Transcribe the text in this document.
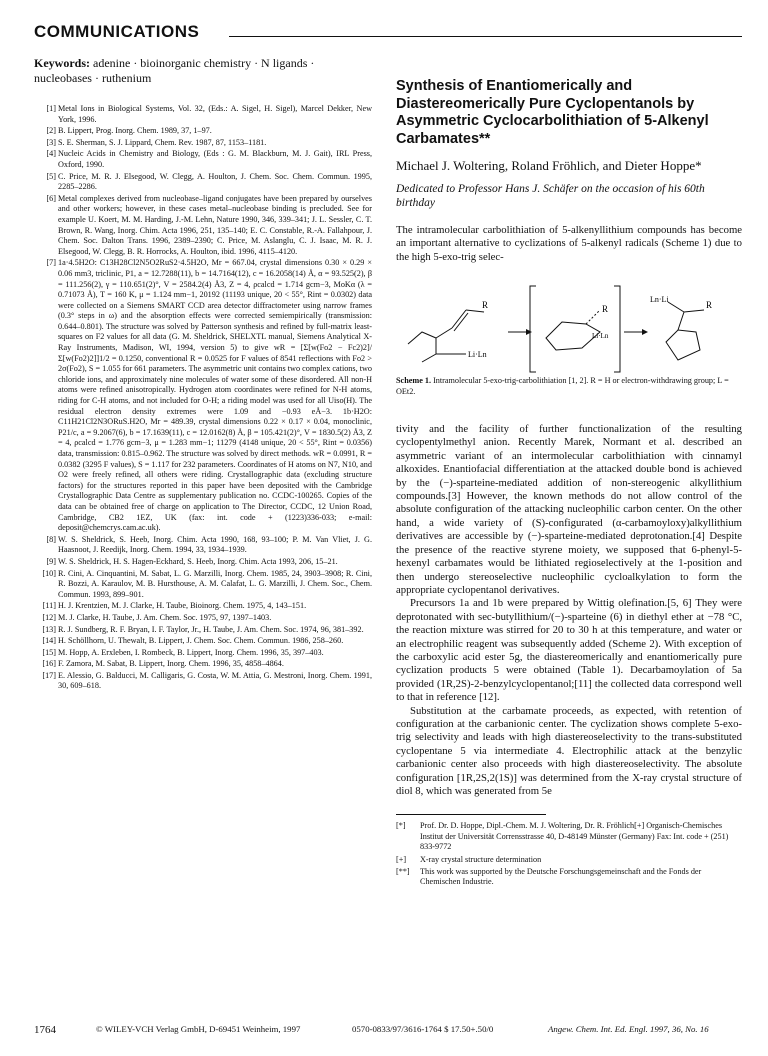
COMMUNICATIONS

Keywords: adenine · bioinorganic chemistry · N ligands · nucleobases · ruthenium

[1] Metal Ions in Biological Systems, Vol. 32, (Eds.: A. Sigel, H. Sigel), Marcel Dekker, New York, 1996.
[2] B. Lippert, Prog. Inorg. Chem. 1989, 37, 1–97.
[3] S. E. Sherman, S. J. Lippard, Chem. Rev. 1987, 87, 1153–1181.
[4] Nucleic Acids in Chemistry and Biology, (Eds : G. M. Blackburn, M. J. Gait), IRL Press, Oxford, 1990.
[5] C. Price, M. R. J. Elsegood, W. Clegg, A. Houlton, J. Chem. Soc. Chem. Commun. 1995, 2285–2286.
[6] Metal complexes derived from nucleobase–ligand conjugates have been prepared by ourselves and other workers; however, in these cases metal–nucleobase binding is precluded. See for example U. Koert, M. M. Harding, J.-M. Lehn, Nature 1990, 346, 339–341; J. L. Sessler, C. T. Brown, R. Wang, Inorg. Chim. Acta 1996, 251, 135–140; E. C. Constable, R.-A. Fallahpour, J. Chem. Soc. Dalton Trans. 1996, 2389–2390; C. Price, M. Aslanglu, C. J. Isaac, M. R. J. Elsegood, W. Clegg, B. R. Horrocks, A. Houlton, ibid. 1996, 4115–4120.
[7] 1a·4.5H2O: C13H28Cl2N5O2RuS2·4.5H2O, Mr = 667.04, crystal dimensions 0.30 × 0.29 × 0.06 mm3, triclinic, P1, a = 12.7288(11), b = 14.7164(12), c = 16.2058(14) Å, α = 93.525(2), β = 111.256(2), γ = 110.651(2)°, V = 2584.2(4) Å3, Z = 4, ρcalcd = 1.714 gcm−3, MoKα (λ = 0.71073 Å), T = 160 K, μ = 1.124 mm−1, 20192 (11193 unique, 20 < 55°, Rint = 0.0302) data were collected on a Siemens SMART CCD area detector diffractometer using narrow frames (0.3° steps in ω) and the absorption effects were corrected semiempirically (transmission: 0.644–0.801). The structure was solved by Patterson synthesis and refined by full-matrix least-squares on F2 values for all data (G. M. Sheldrick, SHELXTL manual, Siemens Analytical X-Ray Instruments, Madison, WI, 1994, version 5) to give wR = [Σ[w(Fo2 − Fc2)2]/Σ[w(Fo2)2]]1/2 = 0.1250, conventional R = 0.0525 for F values of 8541 reflections with Fo2 > 2σ(Fo2), S = 1.055 for 661 parameters. The asymmetric unit contains two complex cations, two chloride ions, and approximately nine molecules of water some of these disordered. All non-H atoms were refined anisotropically. Hydrogen atom coordinates were refined for N-H atoms, riding for C-H atoms, and not included for O-H; a riding model was used for all Uiso(H). The residual electron density extremes were 1.09 and −0.93 eÅ−3. 1b·H2O: C11H21Cl2N3ORuS.H2O, Mr = 489.39, crystal dimensions 0.22 × 0.17 × 0.04, monoclinic, P21/c, a = 9.2067(6), b = 17.1639(11), c = 12.0162(8) Å, β = 105.421(2)°, V = 1830.5(2) Å3, Z = 4, ρcalcd = 1.776 gcm−3, μ = 1.283 mm−1; 11279 (4148 unique, 20 < 55°, Rint = 0.0356) data, transmission: 0.815–0.962. The structure was solved by direct methods. wR = 0.0991, R = 0.0382 (3295 F values), S = 1.117 for 232 parameters. Coordinates of H atoms on N7, N10, and O2 were freely refined, all others were riding. Crystallographic data (excluding structure factors) for the structures reported in this paper have been deposited with the Cambridge Crystallographic Data Centre as supplementary publication no. CCDC-100265. Copies of the data can be obtained free of charge on application to The Director, CCDC, 12 Union Road, Cambridge, CB2 1EZ, UK (fax: int. code + (1223)336-033; e-mail: deposit@chemcrys.cam.ac.uk).
[8] W. S. Sheldrick, S. Heeb, Inorg. Chim. Acta 1990, 168, 93–100; P. M. Van Vliet, J. G. Haasnoot, J. Reedijk, Inorg. Chem. 1994, 33, 1934–1939.
[9] W. S. Sheldrick, H. S. Hagen-Eckhard, S. Heeb, Inorg. Chim. Acta 1993, 206, 15–21.
[10] R. Cini, A. Cinquantini, M. Sabat, L. G. Marzilli, Inorg. Chem. 1985, 24, 3903–3908; R. Cini, R. Bozzi, A. Karaulov, M. B. Hursthouse, A. M. Calafat, L. G. Marzilli, J. Chem. Soc., Chem. Commun. 1993, 899–901.
[11] H. J. Krentzien, M. J. Clarke, H. Taube, Bioinorg. Chem. 1975, 4, 143–151.
[12] M. J. Clarke, H. Taube, J. Am. Chem. Soc. 1975, 97, 1397–1403.
[13] R. J. Sundberg, R. F. Bryan, I. F. Taylor, Jr., H. Taube, J. Am. Chem. Soc. 1974, 96, 381–392.
[14] H. Schöllhorn, U. Thewalt, B. Lippert, J. Chem. Soc. Chem. Commun. 1986, 258–260.
[15] M. Hopp, A. Erxleben, I. Rombeck, B. Lippert, Inorg. Chem. 1996, 35, 397–403.
[16] F. Zamora, M. Sabat, B. Lippert, Inorg. Chem. 1996, 35, 4858–4864.
[17] E. Alessio, G. Balducci, M. Calligaris, G. Costa, W. M. Attia, G. Mestroni, Inorg. Chem. 1991, 30, 609–618.
Synthesis of Enantiomerically and Diastereomerically Pure Cyclopentanols by Asymmetric Cyclocarbolithiation of 5-Alkenyl Carbamates**
Michael J. Woltering, Roland Fröhlich, and Dieter Hoppe*
Dedicated to Professor Hans J. Schäfer on the occasion of his 60th birthday

The intramolecular carbolithiation of 5-alkenyllithium compounds has become an important alternative to cyclizations of 5-alkenyl radicals (Scheme 1) due to the high 5-exo-trig selec-

R
Li·Ln
R
Li·Ln
Ln·Li
R

Scheme 1. Intramolecular 5-exo-trig-carbolithiation [1, 2]. R = H or electron-withdrawing group; L = OEt2.

tivity and the facility of further functionalization of the resulting cyclopentylmethyl anion. Recently Marek, Normant et al. described an asymmetric variant of an intermolecular carbolithiation with cinnamyl alkoxides. Enantiofacial differentiation at the attacked double bond is achieved by the (−)-sparteine-mediated addition of non-stereogenic alkyllithium compounds.[3] However, the known methods do not allow control of the absolute configuration of the attacking nucleophilic carbon center. On the other hand, a wide variety of (S)-configurated (α-carbamoyloxy)alkyllithium derivatives are accessible by (−)-sparteine-mediated deprotonation.[4] Despite the presence of the reactive styrene moiety, we supposed that 6-phenyl-5-hexenyl carbamates would be lithiated regioselectively at the 1-position and then undergo stereoselective nucleophilic cycloalkylation to form the appropriate cyclopentanol derivatives.

Precursors 1a and 1b were prepared by Wittig olefination.[5, 6] They were deprotonated with sec-butyllithium/(−)-sparteine (6) in diethyl ether at −78 °C, the reaction mixture was stirred for 20 to 30 h at this temperature, and water or an electrophilic reagent was subsequently added (Scheme 2). With exception of the carboxylic acid ester 5g, the diastereomerically and enantiomerically pure cyclization products 5 were obtained (Table 1). Decarbamoylation of 5a provided (1R,2S)-2-benzylcyclopentanol;[11] the collected data correspond well to that in reference [12].

Substitution at the carbamate proceeds, as expected, with retention of configuration at the carbanionic center. The cyclization shows complete 5-exo-trig selectivity and leads with high diastereoselectivity to the trans-substituted cyclopentane 5 via intermediate 4. Electrophilic attack at the benzylic carbanionic center also proceeds with high diastereoselectivity. The absolute configuration [1R,2S,2(1S)] was determined from the X-ray crystal structure of diol 8, which was generated from 5e

[*] Prof. Dr. D. Hoppe, Dipl.-Chem. M. J. Woltering, Dr. R. Fröhlich[+] Organisch-Chemisches Institut der Universität Corrensstrasse 40, D-48149 Münster (Germany) Fax: Int. code + (251) 833-9772
[+] X-ray crystal structure determination
[**] This work was supported by the Deutsche Forschungsgemeinschaft and the Fonds der Chemischen Industrie.
1764	© WILEY-VCH Verlag GmbH, D-69451 Weinheim, 1997	0570-0833/97/3616-1764 $ 17.50+.50/0	Angew. Chem. Int. Ed. Engl. 1997, 36, No. 16
